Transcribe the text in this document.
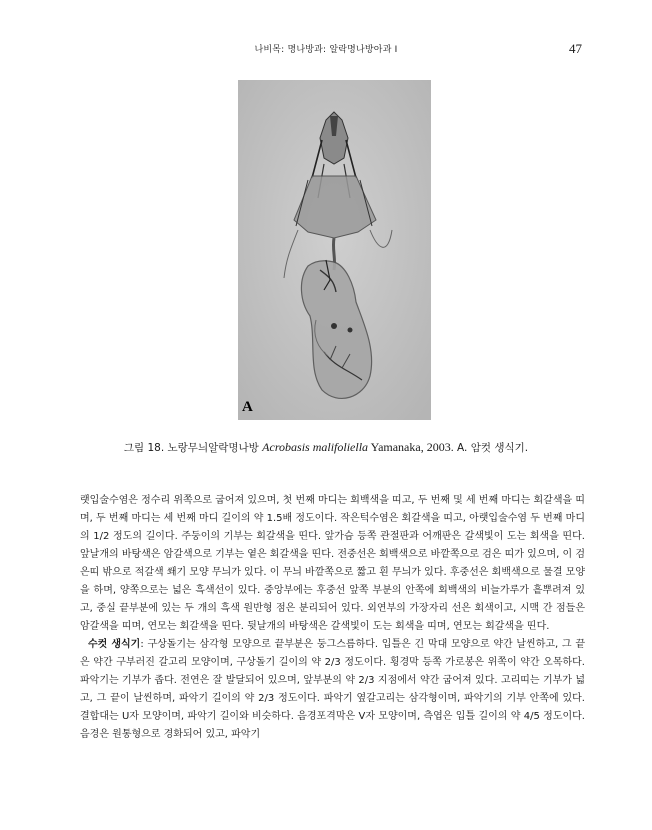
나비목: 명나방과: 알락명나방아과 I	47
A
그림 18. 노랑무늬알락명나방 Acrobasis malifoliella Yamanaka, 2003. A. 암컷 생식기.

랫입술수염은 정수리 위쪽으로 굽어져 있으며, 첫 번째 마디는 회백색을 띠고, 두 번째 및 세 번째 마디는 회갈색을 띠며, 두 번째 마디는 세 번째 마디 길이의 약 1.5배 정도이다. 작은턱수염은 회갈색을 띠고, 아랫입술수염 두 번째 마디의 1/2 정도의 길이다. 주둥이의 기부는 회갈색을 띤다. 앞가슴 등쪽 관절판과 어깨판은 갈색빛이 도는 회색을 띤다. 앞날개의 바탕색은 암갈색으로 기부는 옅은 회갈색을 띤다. 전중선은 회백색으로 바깥쪽으로 검은 띠가 있으며, 이 검은띠 밖으로 적갈색 쐐기 모양 무늬가 있다. 이 무늬 바깥쪽으로 짧고 흰 무늬가 있다. 후중선은 회백색으로 물결 모양을 하며, 양쪽으로는 넓은 흑색선이 있다. 중앙부에는 후중선 앞쪽 부분의 안쪽에 회백색의 비늘가루가 흩뿌려져 있고, 중실 끝부분에 있는 두 개의 흑색 원반형 점은 분리되어 있다. 외연부의 가장자리 선은 회색이고, 시맥 간 점들은 암갈색을 띠며, 연모는 회갈색을 띤다. 뒷날개의 바탕색은 갈색빛이 도는 회색을 띠며, 연모는 회갈색을 띤다.

수컷 생식기: 구상돌기는 삼각형 모양으로 끝부분은 둥그스름하다. 입틀은 긴 막대 모양으로 약간 날씬하고, 그 끝은 약간 구부러진 갈고리 모양이며, 구상돌기 길이의 약 2/3 정도이다. 횡경막 등쪽 가로봉은 위쪽이 약간 오목하다. 파악기는 기부가 좁다. 전연은 잘 발달되어 있으며, 앞부분의 약 2/3 지점에서 약간 굽어져 있다. 고리띠는 기부가 넓고, 그 끝이 날씬하며, 파악기 길이의 약 2/3 정도이다. 파악기 옆갈고리는 삼각형이며, 파악기의 기부 안쪽에 있다. 결합대는 U자 모양이며, 파악기 길이와 비슷하다. 음경포격막은 V자 모양이며, 측엽은 입틀 길이의 약 4/5 정도이다. 음경은 원통형으로 경화되어 있고, 파악기
